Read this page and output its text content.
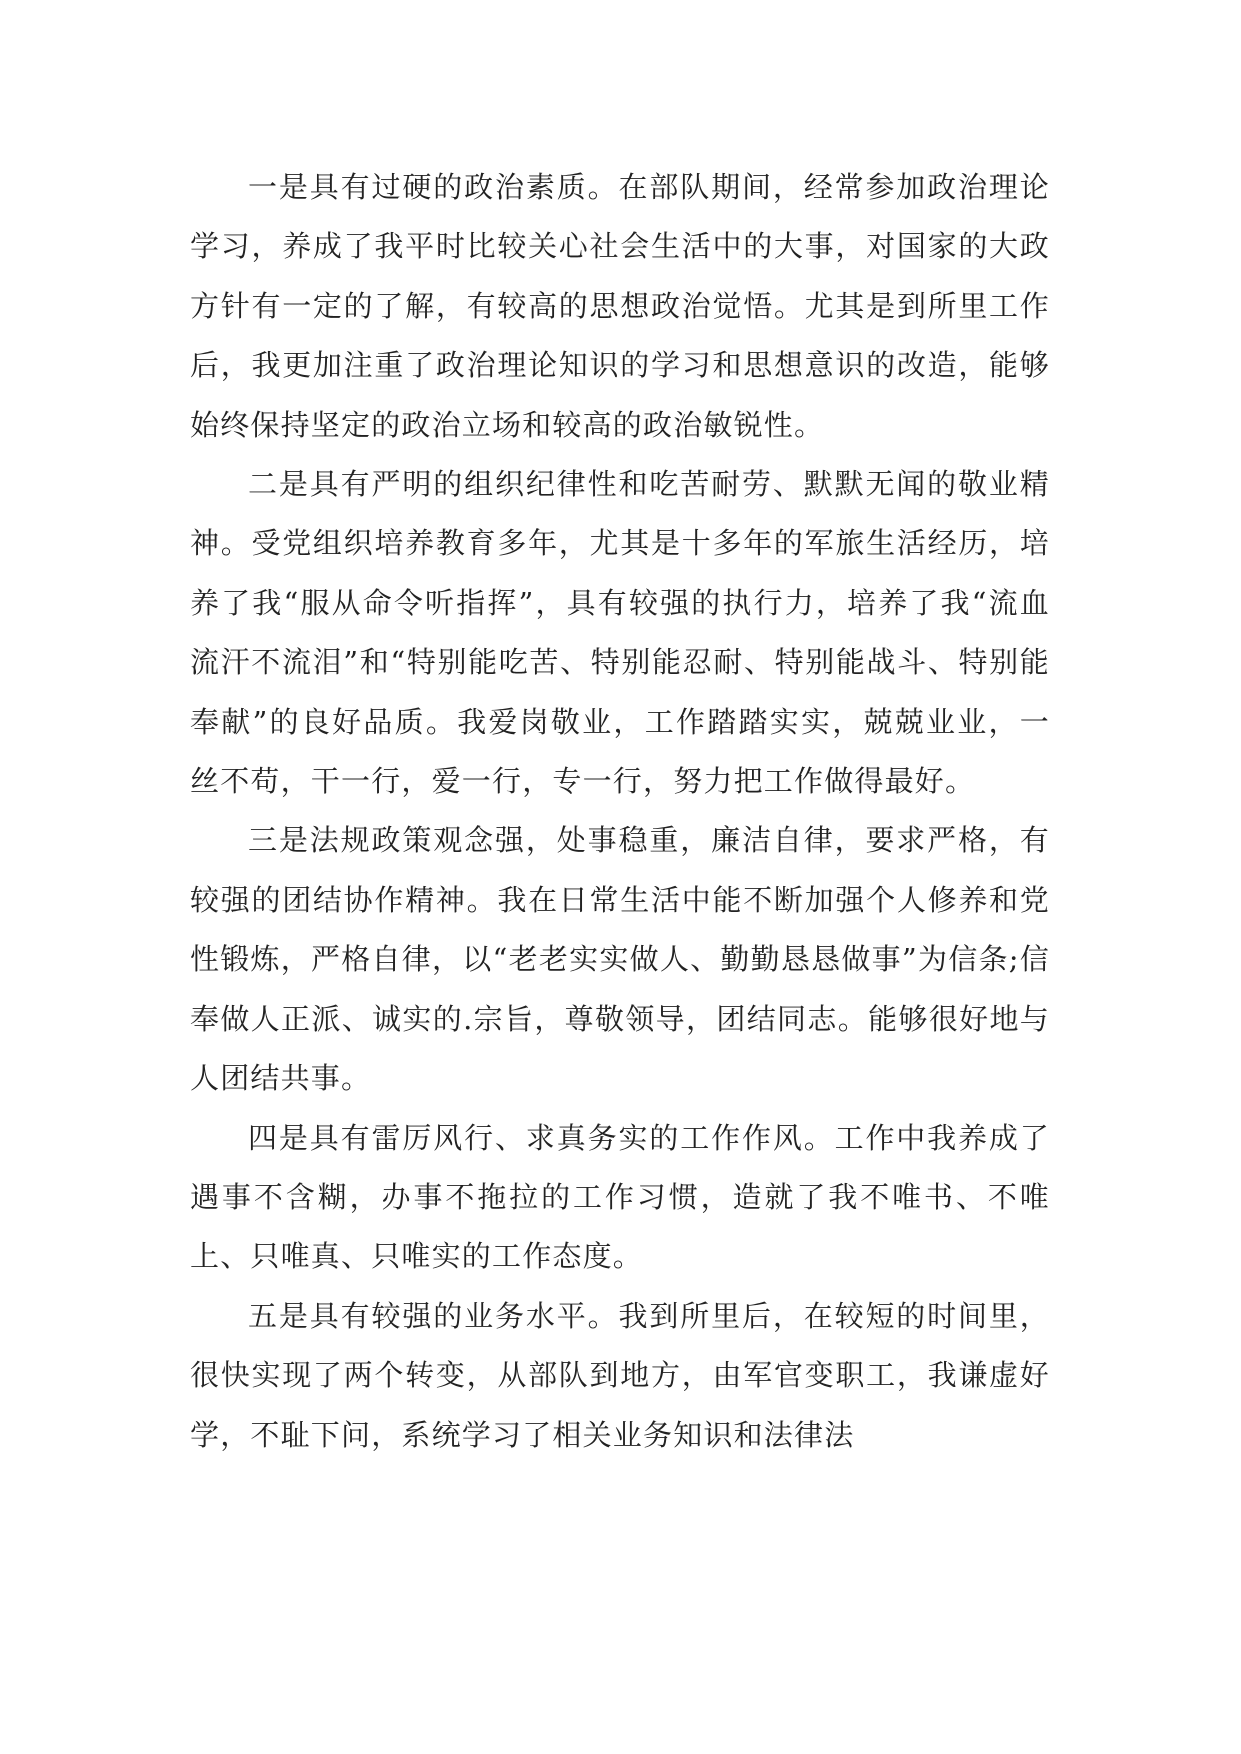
一是具有过硬的政治素质。在部队期间，经常参加政治理论学习，养成了我平时比较关心社会生活中的大事，对国家的大政方针有一定的了解，有较高的思想政治觉悟。尤其是到所里工作后，我更加注重了政治理论知识的学习和思想意识的改造，能够始终保持坚定的政治立场和较高的政治敏锐性。

二是具有严明的组织纪律性和吃苦耐劳、默默无闻的敬业精神。受党组织培养教育多年，尤其是十多年的军旅生活经历，培养了我“服从命令听指挥”，具有较强的执行力，培养了我“流血流汗不流泪”和“特别能吃苦、特别能忍耐、特别能战斗、特别能奉献”的良好品质。我爱岗敬业，工作踏踏实实，兢兢业业，一丝不苟，干一行，爱一行，专一行，努力把工作做得最好。

三是法规政策观念强，处事稳重，廉洁自律，要求严格，有较强的团结协作精神。我在日常生活中能不断加强个人修养和党性锻炼，严格自律，以“老老实实做人、勤勤恳恳做事”为信条;信奉做人正派、诚实的.宗旨，尊敬领导，团结同志。能够很好地与人团结共事。

四是具有雷厉风行、求真务实的工作作风。工作中我养成了遇事不含糊，办事不拖拉的工作习惯，造就了我不唯书、不唯上、只唯真、只唯实的工作态度。

五是具有较强的业务水平。我到所里后，在较短的时间里，很快实现了两个转变，从部队到地方，由军官变职工，我谦虚好学，不耻下问，系统学习了相关业务知识和法律法
